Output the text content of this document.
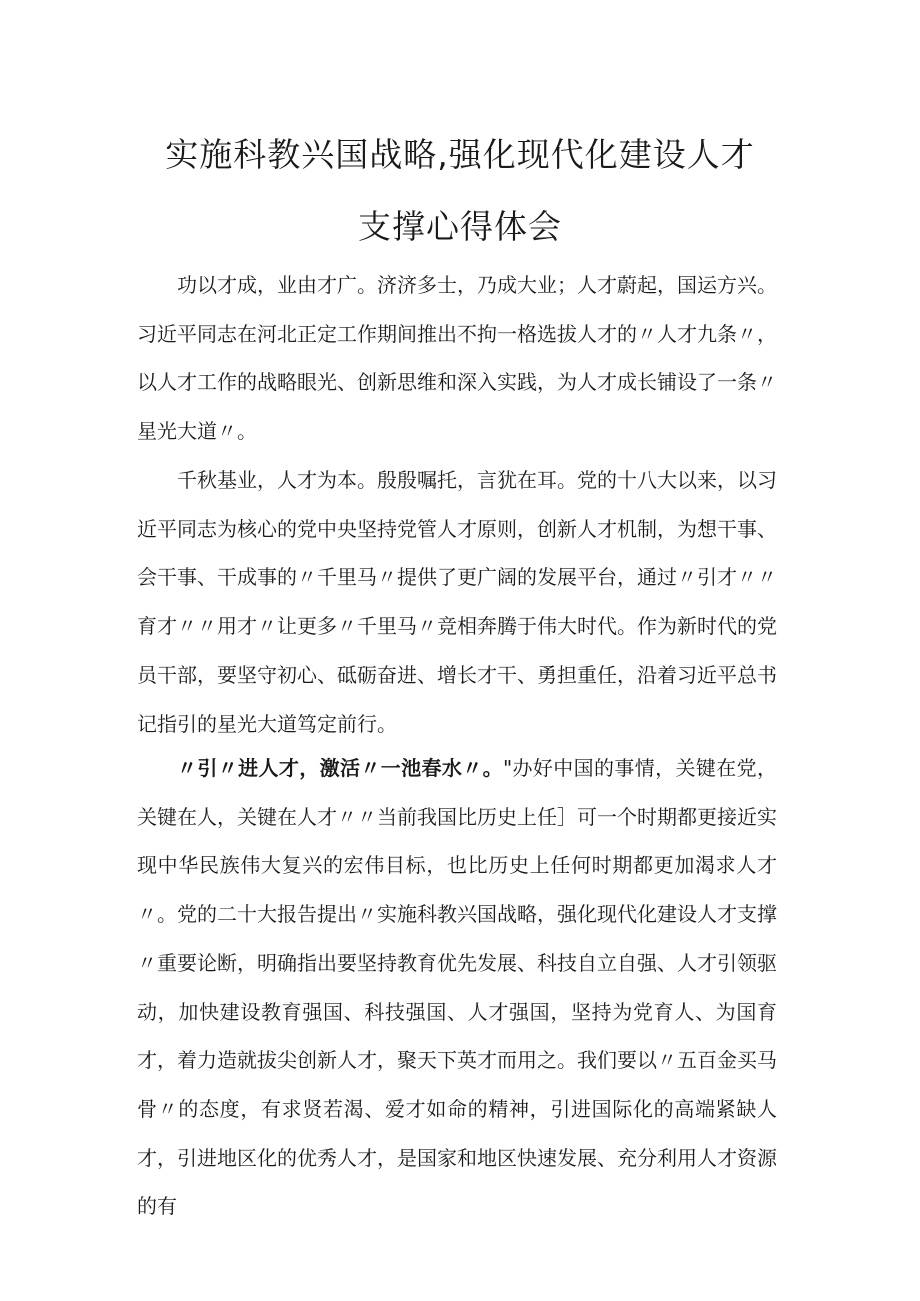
实施科教兴国战略,强化现代化建设人才
支撑心得体会

功以才成，业由才广。济济多士，乃成大业；人才蔚起，国运方兴。习近平同志在河北正定工作期间推出不拘一格选拔人才的〃人才九条〃，以人才工作的战略眼光、创新思维和深入实践，为人才成长铺设了一条〃星光大道〃。

千秋基业，人才为本。殷殷嘱托，言犹在耳。党的十八大以来，以习近平同志为核心的党中央坚持党管人才原则，创新人才机制，为想干事、会干事、干成事的〃千里马〃提供了更广阔的发展平台，通过〃引才〃〃育才〃〃用才〃让更多〃千里马〃竞相奔腾于伟大时代。作为新时代的党员干部，要坚守初心、砥砺奋进、增长才干、勇担重任，沿着习近平总书记指引的星光大道笃定前行。

〃引〃进人才，激活〃一池春水〃。"办好中国的事情，关键在党，关键在人，关键在人才〃〃当前我国比历史上任］可一个时期都更接近实现中华民族伟大复兴的宏伟目标，也比历史上任何时期都更加渴求人才〃。党的二十大报告提出〃实施科教兴国战略，强化现代化建设人才支撑〃重要论断，明确指出要坚持教育优先发展、科技自立自强、人才引领驱动，加快建设教育强国、科技强国、人才强国，坚持为党育人、为国育才，着力造就拔尖创新人才，聚天下英才而用之。我们要以〃五百金买马骨〃的态度，有求贤若渴、爱才如命的精神，引进国际化的高端紧缺人才，引进地区化的优秀人才，是国家和地区快速发展、充分利用人才资源的有
